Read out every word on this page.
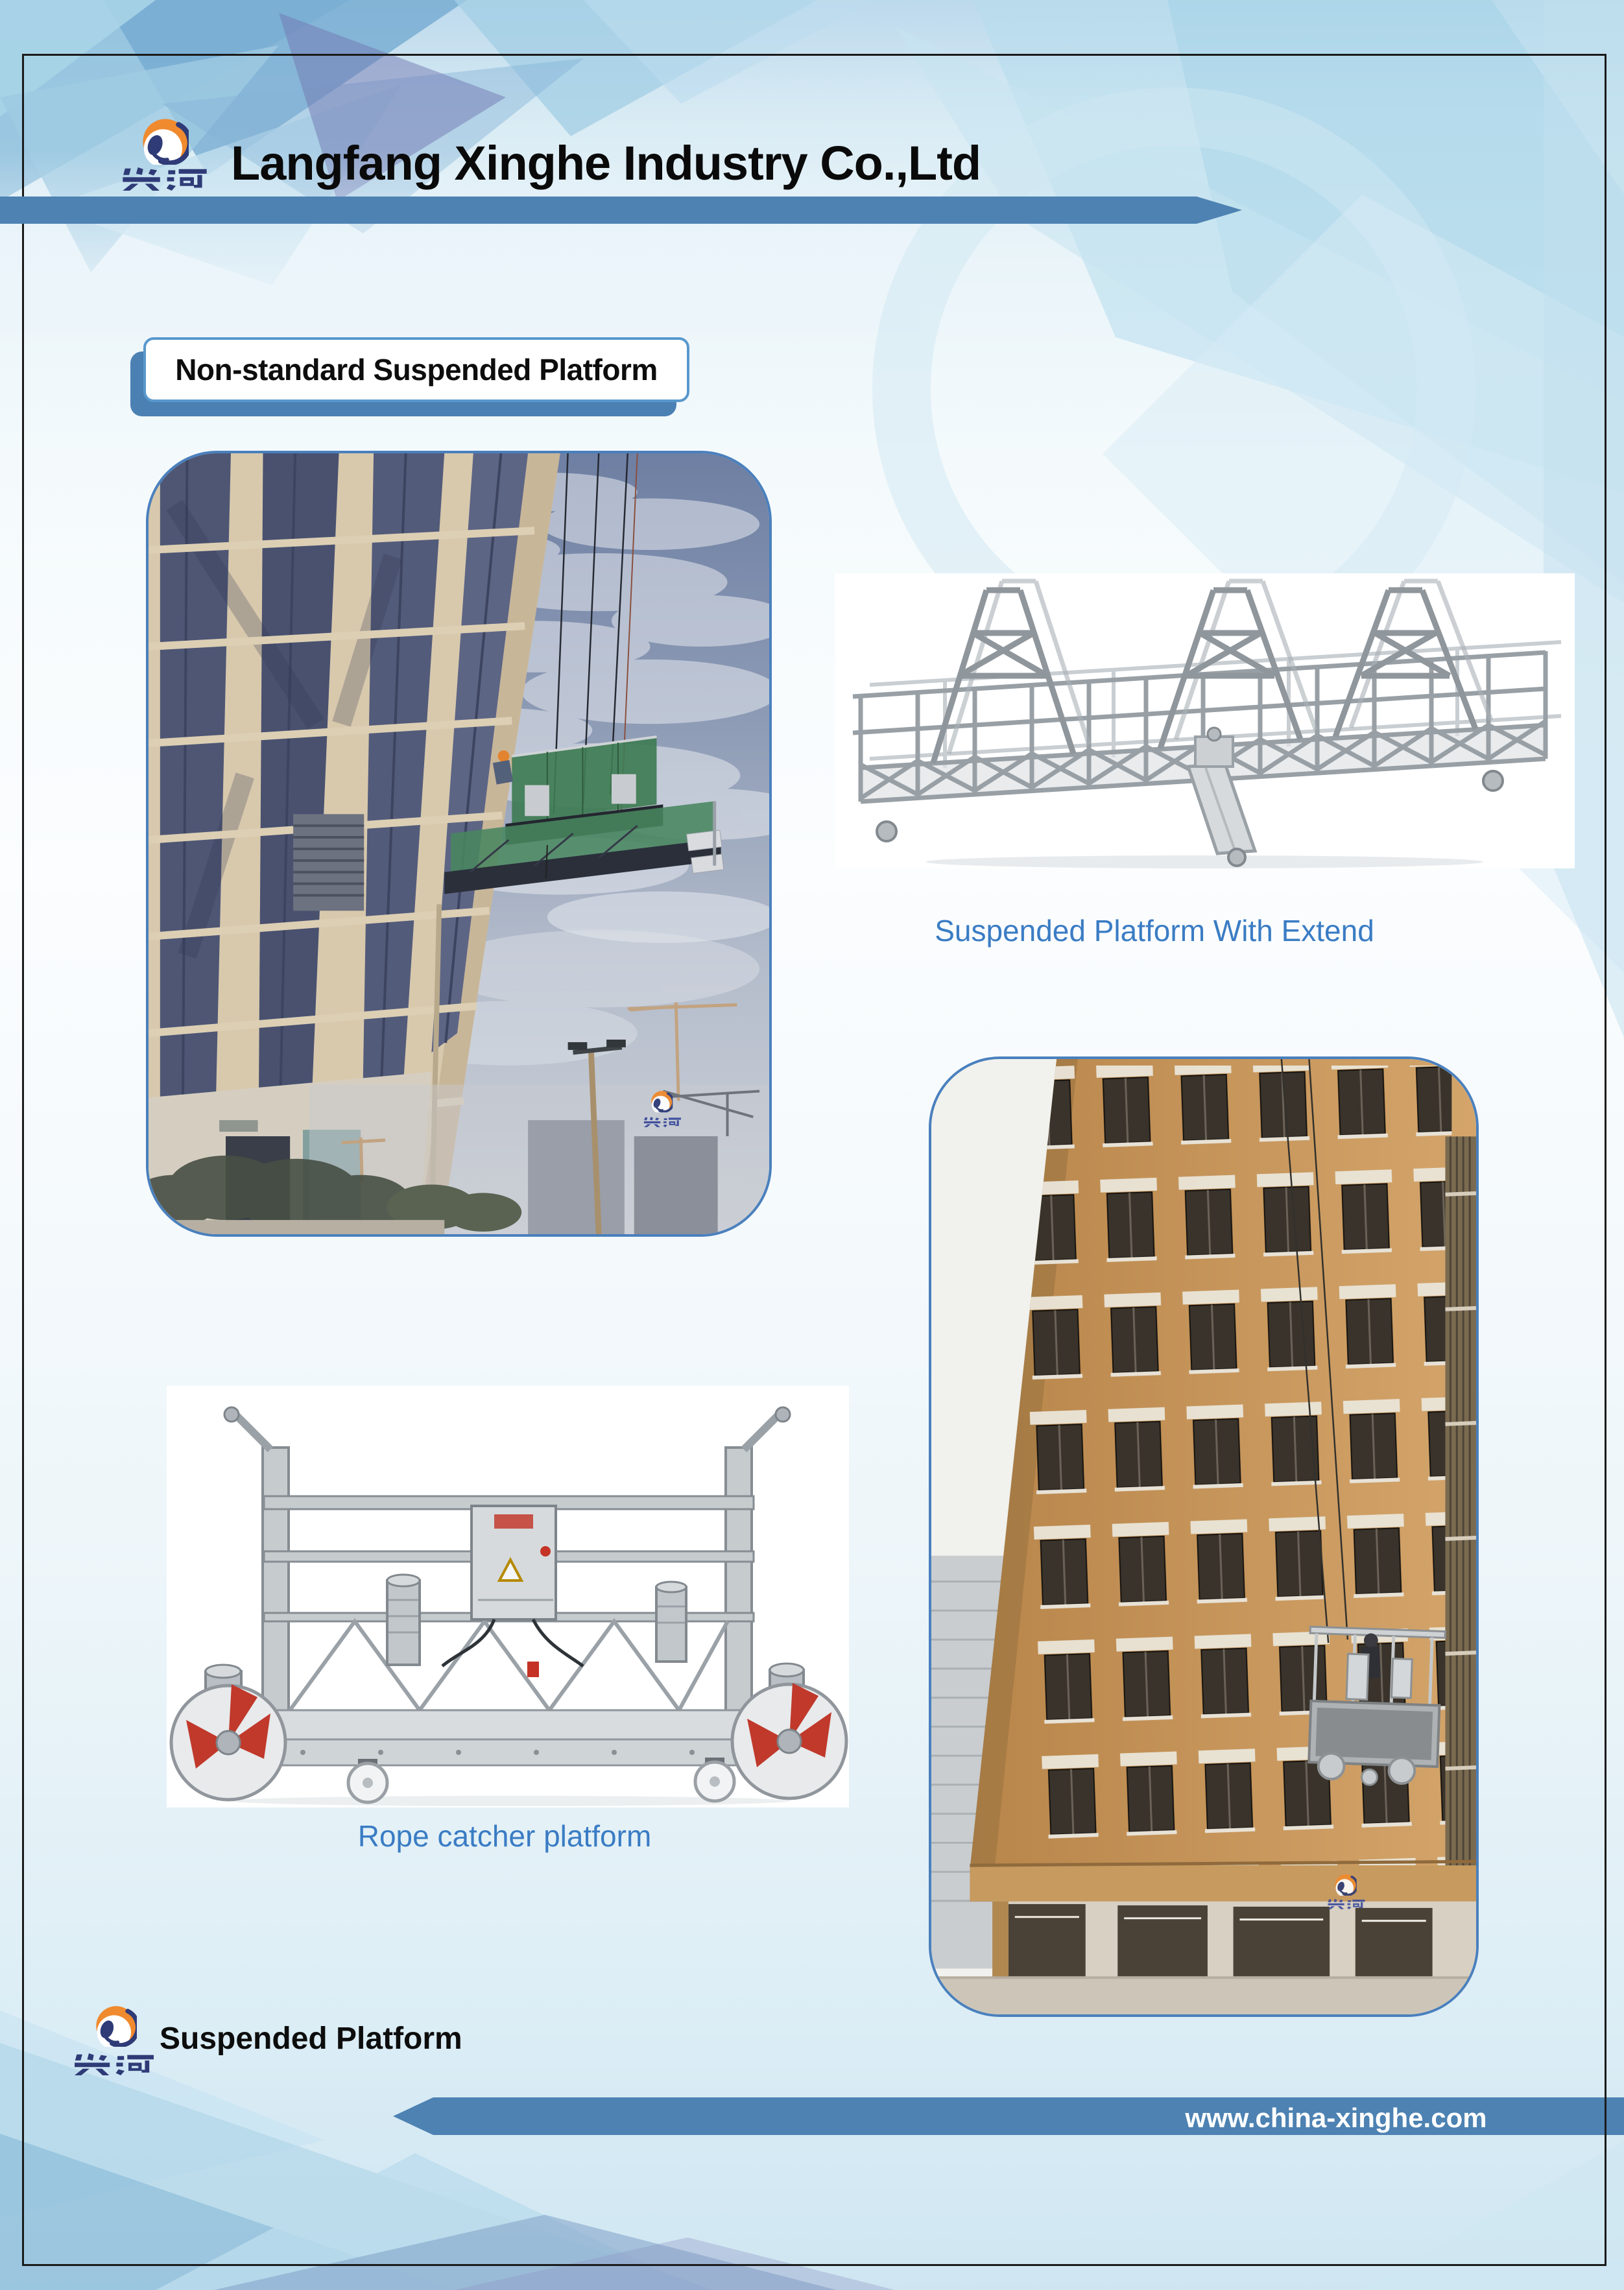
Langfang Xinghe Industry Co.,Ltd
Non-standard Suspended Platform
Suspended Platform With Extend
Rope catcher platform
Suspended Platform
www.china-xinghe.com
